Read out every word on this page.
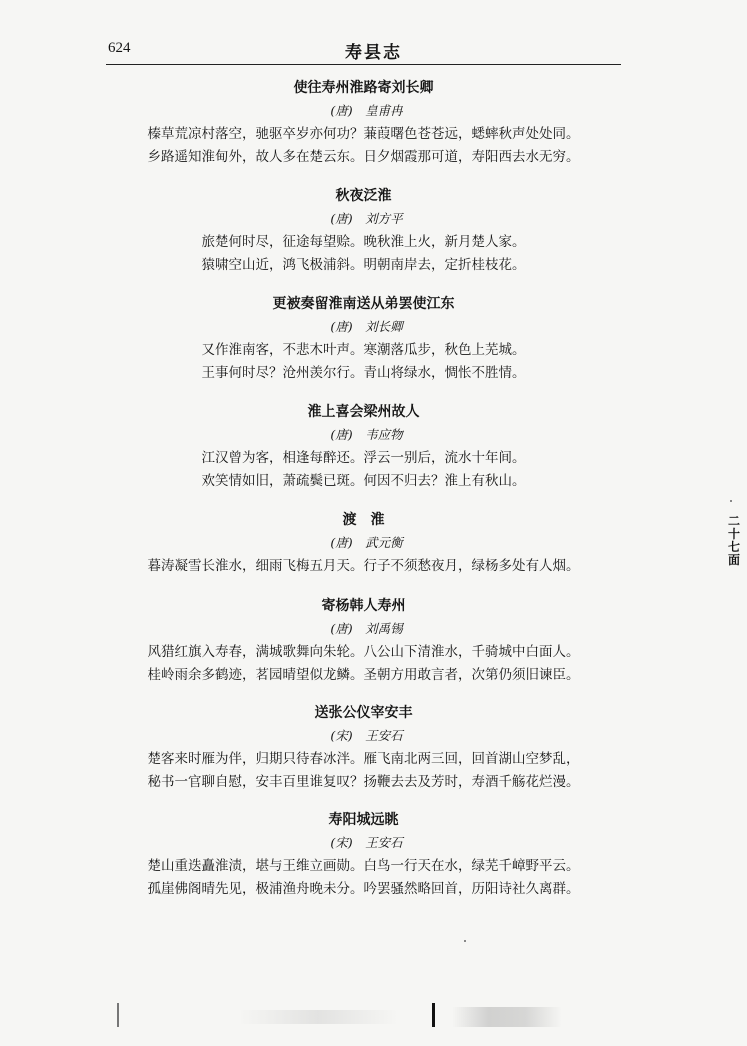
624	寿县志
使往寿州淮路寄刘长卿
(唐)　皇甫冉
榛草荒凉村落空，驰驱卒岁亦何功？蒹葭曙色苍苍远，蟋蟀秋声处处同。
乡路遥知淮甸外，故人多在楚云东。日夕烟霞那可道，寿阳西去水无穷。
秋夜泛淮
(唐)　刘方平
旅楚何时尽，征途每望赊。晚秋淮上火，新月楚人家。
猿啸空山近，鸿飞极浦斜。明朝南岸去，定折桂枝花。
更被奏留淮南送从弟罢使江东
(唐)　刘长卿
又作淮南客，不悲木叶声。寒潮落瓜步，秋色上芜城。
王事何时尽？沧州羡尔行。青山将绿水，惆怅不胜情。
淮上喜会梁州故人
(唐)　韦应物
江汉曾为客，相逢每醉还。浮云一别后，流水十年间。
欢笑情如旧，萧疏鬓已斑。何因不归去？淮上有秋山。
渡　淮
(唐)　武元衡
暮涛凝雪长淮水，细雨飞梅五月天。行子不须愁夜月，绿杨多处有人烟。
寄杨韩人寿州
(唐)　刘禹锡
风猎红旗入寿春，满城歌舞向朱轮。八公山下清淮水，千骑城中白面人。
桂岭雨余多鹤迹，茗园晴望似龙鳞。圣朝方用敢言者，次第仍须旧谏臣。
送张公仪宰安丰
(宋)　王安石
楚客来时雁为伴，归期只待春冰泮。雁飞南北两三回，回首湖山空梦乱，
秘书一官聊自慰，安丰百里谁复叹？扬鞭去去及芳时，寿酒千觞花烂漫。
寿阳城远眺
(宋)　王安石
楚山重迭矗淮渍，堪与王维立画勋。白鸟一行天在水，绿芜千嶂野平云。
孤崖佛阁晴先见，极浦渔舟晚未分。吟罢骚然略回首，历阳诗社久离群。
二十七面
